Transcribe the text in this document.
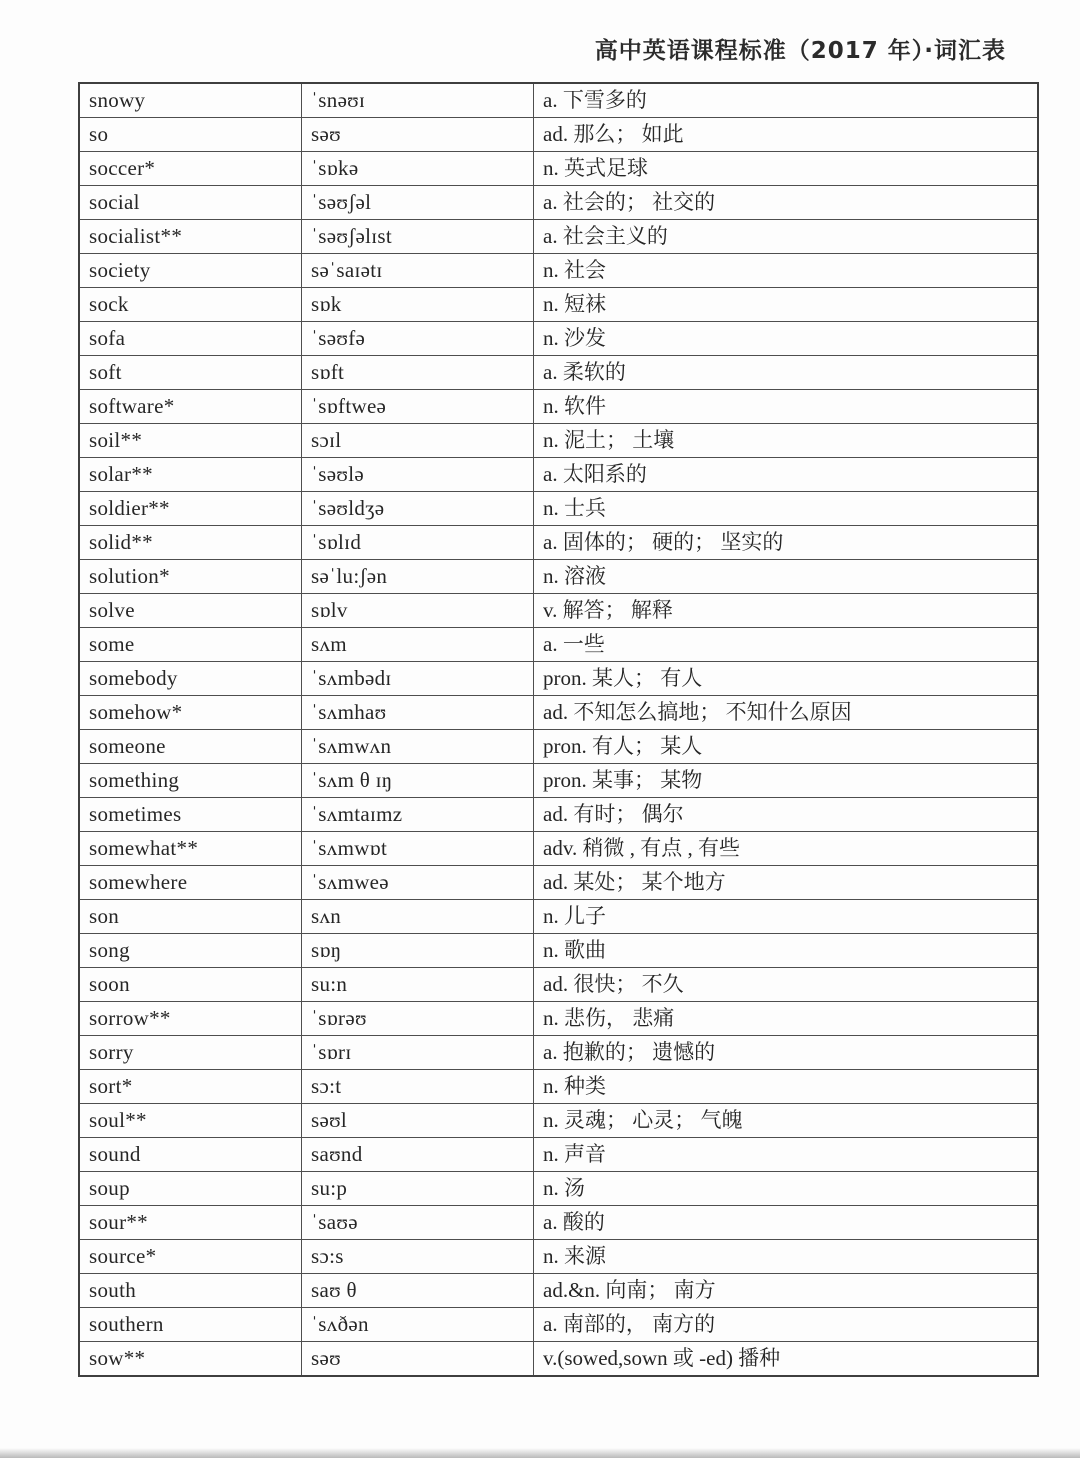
高中英语课程标准（2017 年）·词汇表
snowy	ˈsnəʊɪ	a. 下雪多的
so	səʊ	ad. 那么； 如此
soccer*	ˈsɒkə	n. 英式足球
social	ˈsəʊʃəl	a. 社会的； 社交的
socialist**	ˈsəʊʃəlɪst	a. 社会主义的
society	səˈsaɪətɪ	n. 社会
sock	sɒk	n. 短袜
sofa	ˈsəʊfə	n. 沙发
soft	sɒft	a. 柔软的
software*	ˈsɒftweə	n. 软件
soil**	sɔɪl	n. 泥土； 土壤
solar**	ˈsəʊlə	a. 太阳系的
soldier**	ˈsəʊldʒə	n. 士兵
solid**	ˈsɒlɪd	a. 固体的； 硬的； 坚实的
solution*	səˈlu:ʃən	n. 溶液
solve	sɒlv	v. 解答； 解释
some	sʌm	a. 一些
somebody	ˈsʌmbədɪ	pron. 某人； 有人
somehow*	ˈsʌmhaʊ	ad. 不知怎么搞地； 不知什么原因
someone	ˈsʌmwʌn	pron. 有人； 某人
something	ˈsʌm θ ɪŋ	pron. 某事； 某物
sometimes	ˈsʌmtaɪmz	ad. 有时； 偶尔
somewhat**	ˈsʌmwɒt	adv. 稍微 , 有点 , 有些
somewhere	ˈsʌmweə	ad. 某处； 某个地方
son	sʌn	n. 儿子
song	sɒŋ	n. 歌曲
soon	su:n	ad. 很快； 不久
sorrow**	ˈsɒrəʊ	n. 悲伤， 悲痛
sorry	ˈsɒrɪ	a. 抱歉的； 遗憾的
sort*	sɔ:t	n. 种类
soul**	səʊl	n. 灵魂； 心灵； 气魄
sound	saʊnd	n. 声音
soup	su:p	n. 汤
sour**	ˈsaʊə	a. 酸的
source*	sɔ:s	n. 来源
south	saʊ θ	ad.&n. 向南； 南方
southern	ˈsʌðən	a. 南部的， 南方的
sow**	səʊ	v.(sowed,sown 或 -ed) 播种
